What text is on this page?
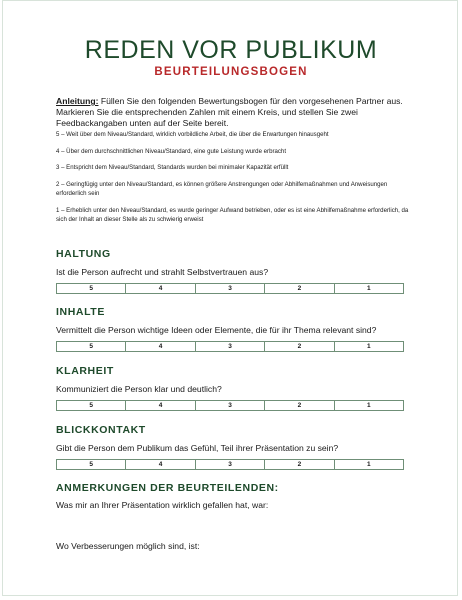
REDEN VOR PUBLIKUM
BEURTEILUNGSBOGEN
Anleitung: Füllen Sie den folgenden Bewertungsbogen für den vorgesehenen Partner aus. Markieren Sie die entsprechenden Zahlen mit einem Kreis, und stellen Sie zwei Feedbackangaben unten auf der Seite bereit.
5 – Weit über dem Niveau/Standard, wirklich vorbildliche Arbeit, die über die Erwartungen hinausgeht
4 – Über dem durchschnittlichen Niveau/Standard, eine gute Leistung wurde erbracht
3 – Entspricht dem Niveau/Standard, Standards wurden bei minimaler Kapazität erfüllt
2 – Geringfügig unter den Niveau/Standard, es können größere Anstrengungen oder Abhilfemaßnahmen und Anweisungen erforderlich sein
1 – Erheblich unter den Niveau/Standard, es wurde geringer Aufwand betrieben, oder es ist eine Abhilfemaßnahme erforderlich, da sich der Inhalt an dieser Stelle als zu schwierig erweist
HALTUNG
Ist die Person aufrecht und strahlt Selbstvertrauen aus?
5	4	3	2	1
INHALTE
Vermittelt die Person wichtige Ideen oder Elemente, die für ihr Thema relevant sind?
5	4	3	2	1
KLARHEIT
Kommuniziert die Person klar und deutlich?
5	4	3	2	1
BLICKKONTAKT
Gibt die Person dem Publikum das Gefühl, Teil ihrer Präsentation zu sein?
5	4	3	2	1
ANMERKUNGEN DER BEURTEILENDEN:
Was mir an Ihrer Präsentation wirklich gefallen hat, war:
Wo Verbesserungen möglich sind, ist:
